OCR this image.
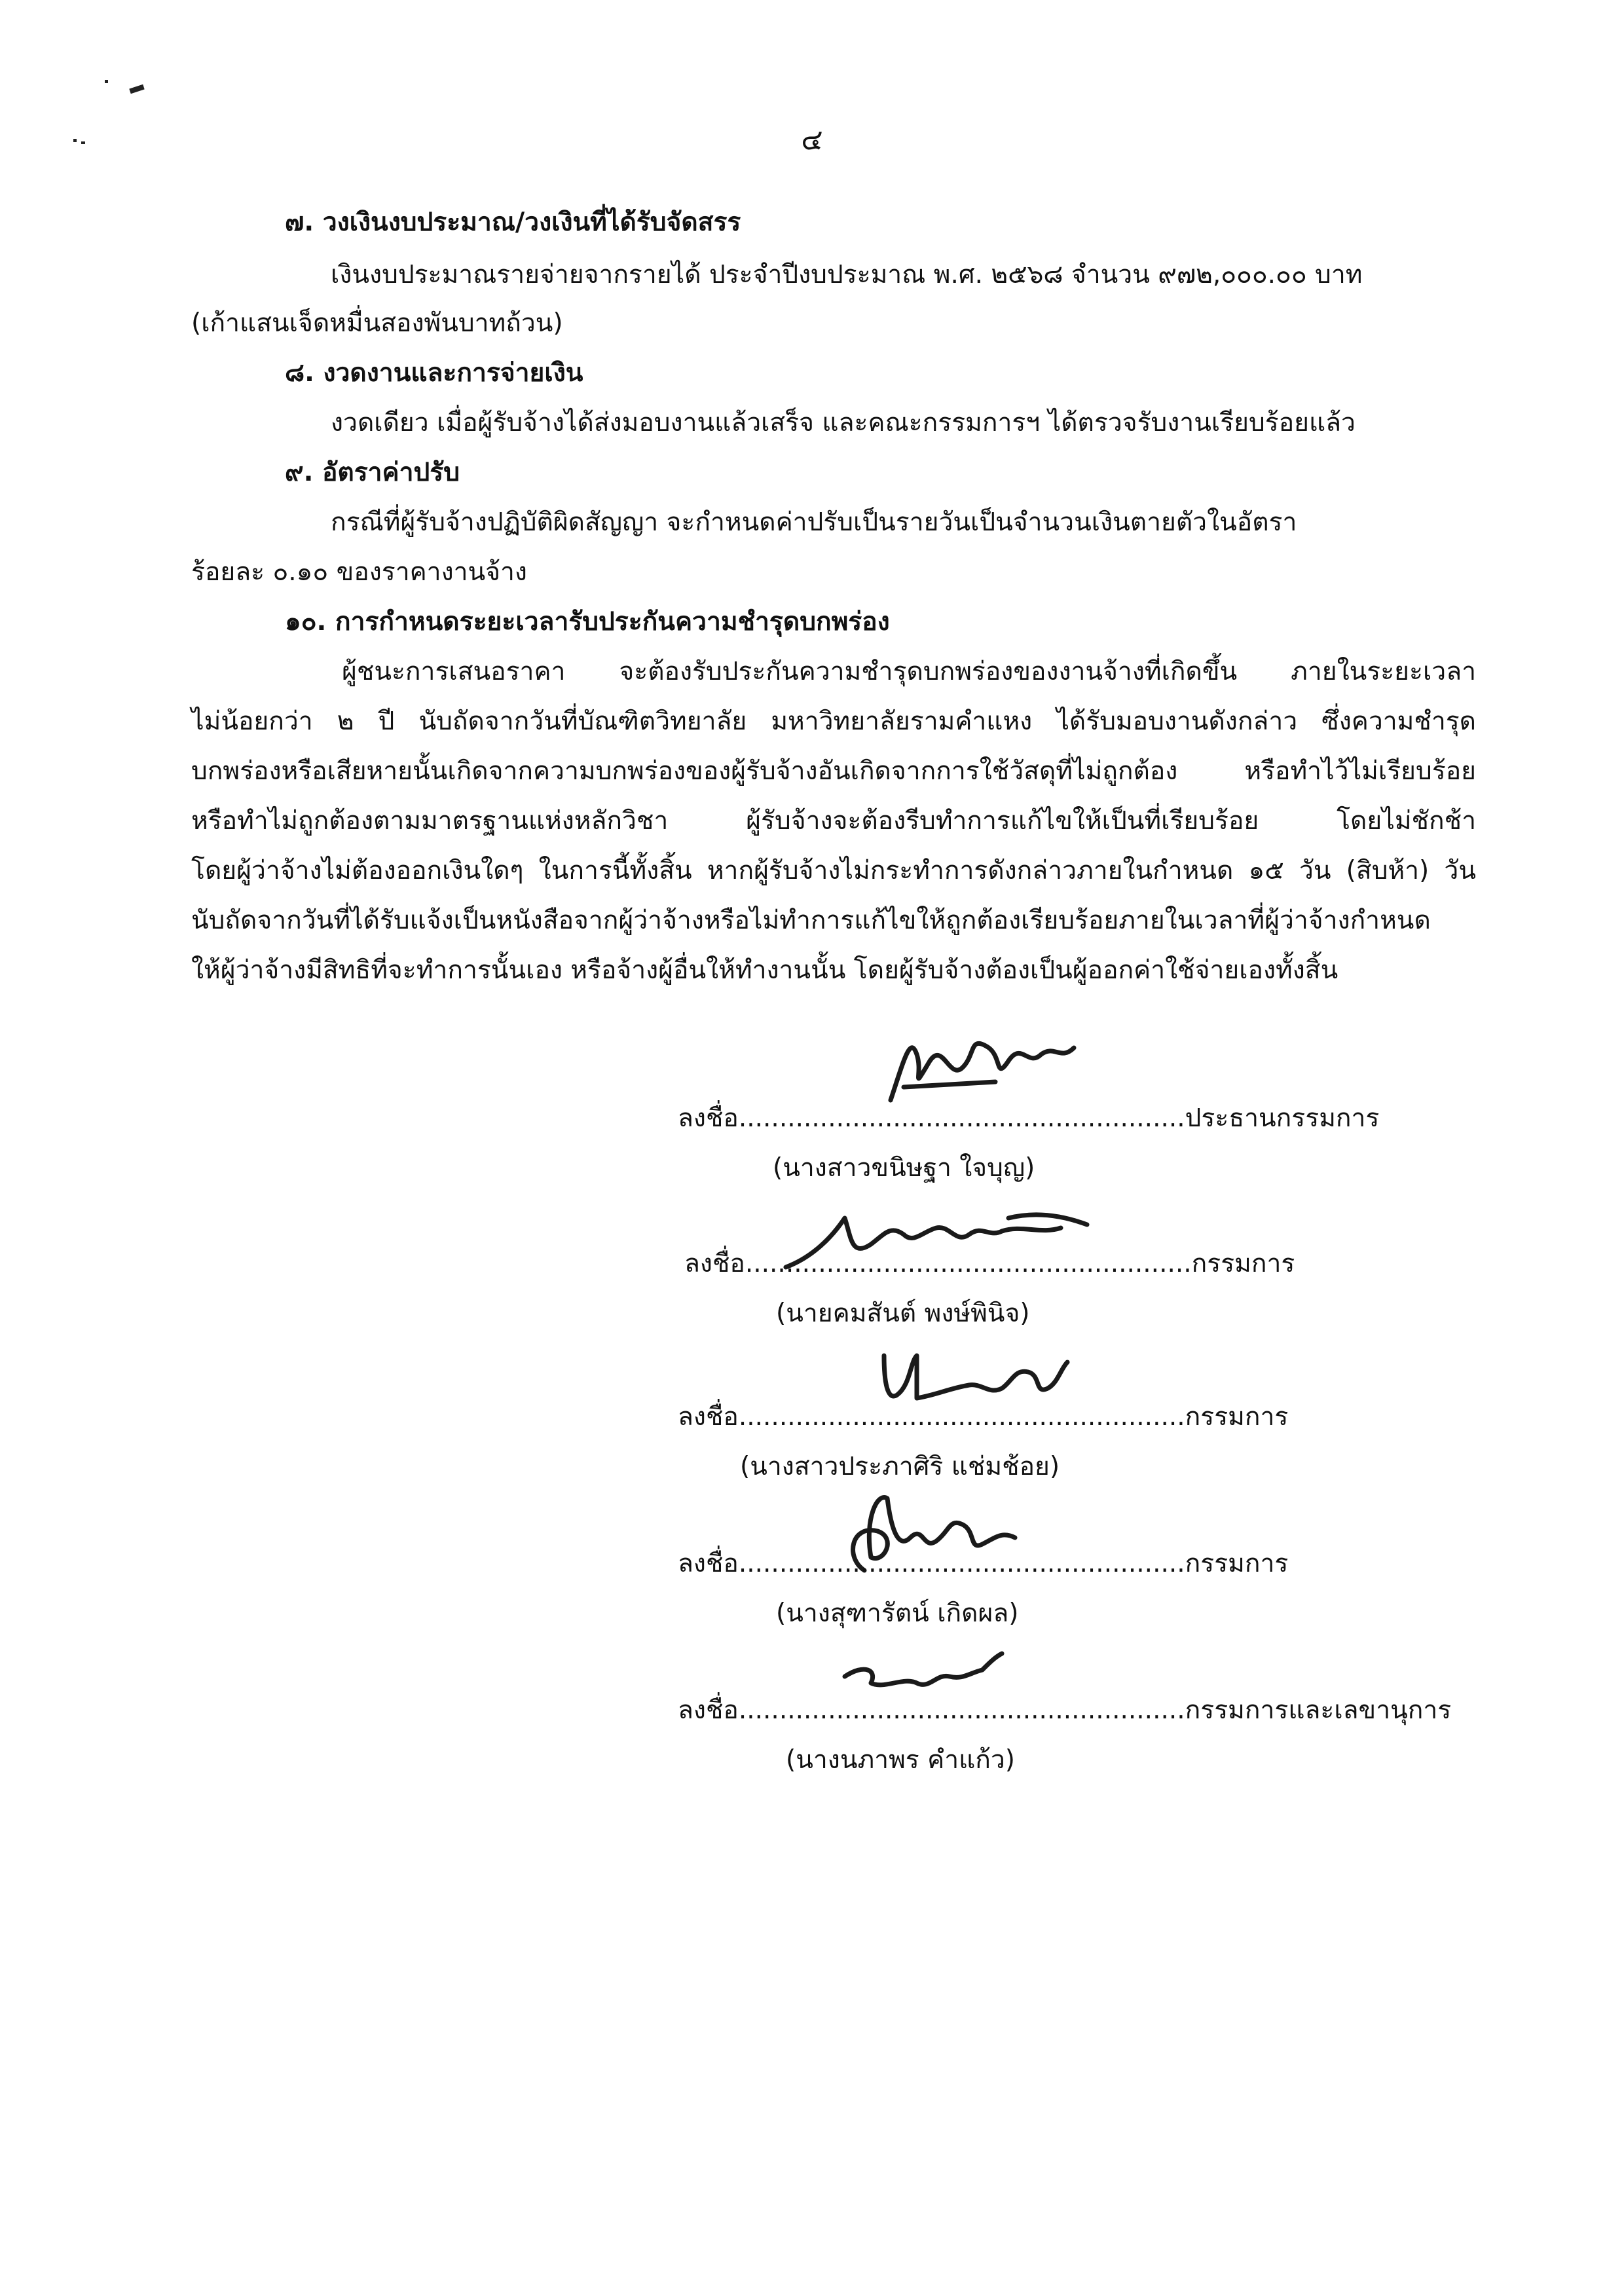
๔
๗. วงเงินงบประมาณ/วงเงินที่ได้รับจัดสรร
เงินงบประมาณรายจ่ายจากรายได้ ประจำปีงบประมาณ พ.ศ. ๒๕๖๘ จำนวน ๙๗๒,๐๐๐.๐๐ บาท
(เก้าแสนเจ็ดหมื่นสองพันบาทถ้วน)
๘. งวดงานและการจ่ายเงิน
งวดเดียว เมื่อผู้รับจ้างได้ส่งมอบงานแล้วเสร็จ และคณะกรรมการฯ ได้ตรวจรับงานเรียบร้อยแล้ว
๙. อัตราค่าปรับ
กรณีที่ผู้รับจ้างปฏิบัติผิดสัญญา จะกำหนดค่าปรับเป็นรายวันเป็นจำนวนเงินตายตัวในอัตรา
ร้อยละ ๐.๑๐ ของราคางานจ้าง
๑๐. การกำหนดระยะเวลารับประกันความชำรุดบกพร่อง
ผู้ชนะการเสนอราคา จะต้องรับประกันความชำรุดบกพร่องของงานจ้างที่เกิดขึ้น ภายในระยะเวลา
ไม่น้อยกว่า ๒ ปี นับถัดจากวันที่บัณฑิตวิทยาลัย มหาวิทยาลัยรามคำแหง ได้รับมอบงานดังกล่าว ซึ่งความชำรุด
บกพร่องหรือเสียหายนั้นเกิดจากความบกพร่องของผู้รับจ้างอันเกิดจากการใช้วัสดุที่ไม่ถูกต้อง หรือทำไว้ไม่เรียบร้อย
หรือทำไม่ถูกต้องตามมาตรฐานแห่งหลักวิชา ผู้รับจ้างจะต้องรีบทำการแก้ไขให้เป็นที่เรียบร้อย โดยไม่ชักช้า
โดยผู้ว่าจ้างไม่ต้องออกเงินใดๆ ในการนี้ทั้งสิ้น หากผู้รับจ้างไม่กระทำการดังกล่าวภายในกำหนด ๑๕ วัน (สิบห้า) วัน
นับถัดจากวันที่ได้รับแจ้งเป็นหนังสือจากผู้ว่าจ้างหรือไม่ทำการแก้ไขให้ถูกต้องเรียบร้อยภายในเวลาที่ผู้ว่าจ้างกำหนด
ให้ผู้ว่าจ้างมีสิทธิที่จะทำการนั้นเอง หรือจ้างผู้อื่นให้ทำงานนั้น โดยผู้รับจ้างต้องเป็นผู้ออกค่าใช้จ่ายเองทั้งสิ้น
ลงชื่อ.......................................................ประธานกรรมการ
(นางสาวขนิษฐา ใจบุญ)
ลงชื่อ.......................................................กรรมการ
(นายคมสันต์ พงษ์พินิจ)
ลงชื่อ.......................................................กรรมการ
(นางสาวประภาศิริ แช่มช้อย)
ลงชื่อ.......................................................กรรมการ
(นางสุฑารัตน์ เกิดผล)
ลงชื่อ.......................................................กรรมการและเลขานุการ
(นางนภาพร คำแก้ว)
